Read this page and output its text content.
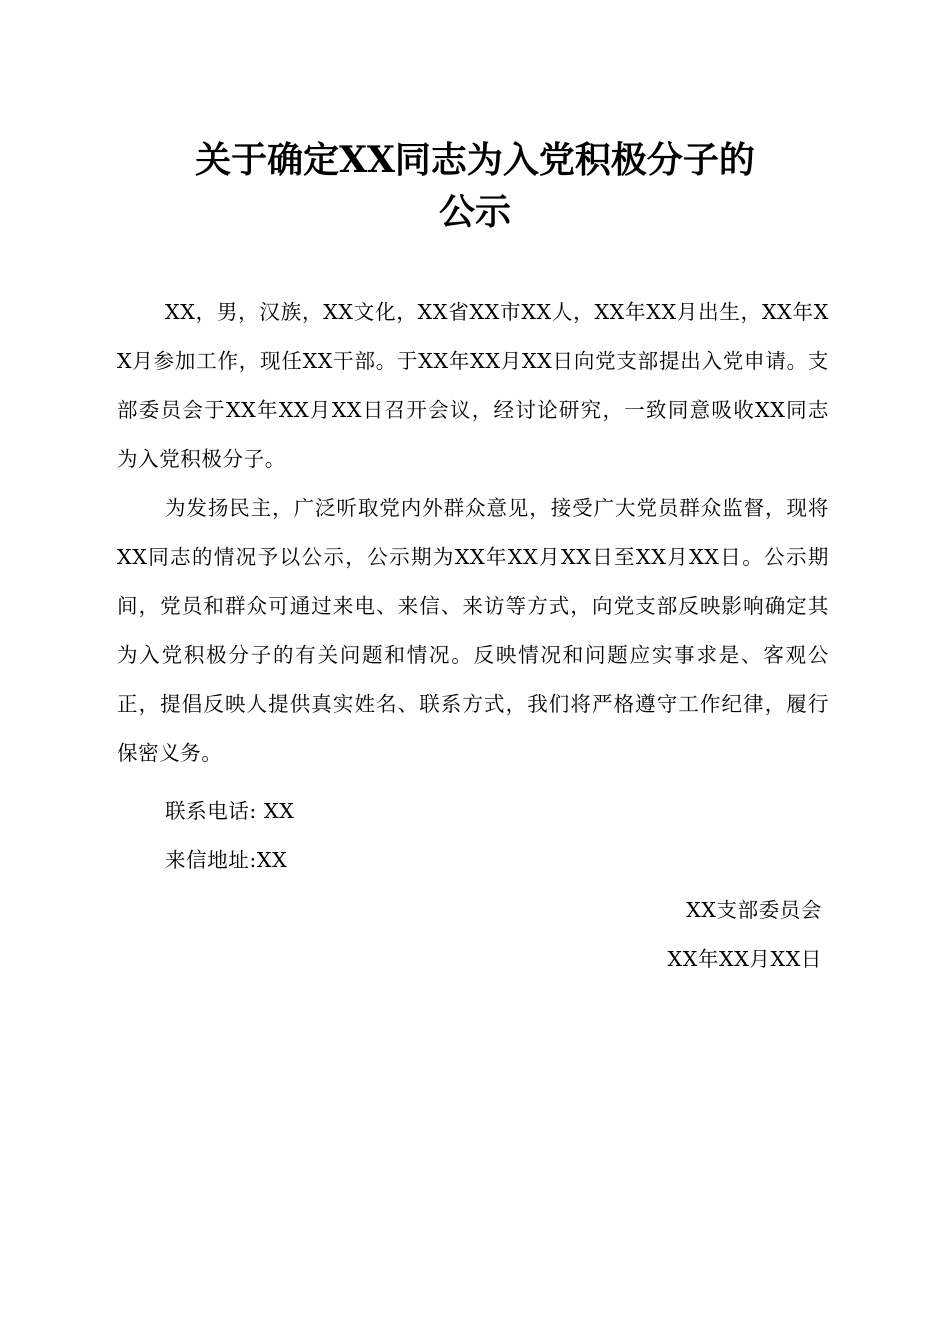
关于确定XX同志为入党积极分子的
公示

XX，男，汉族，XX文化，XX省XX市XX人，XX年XX月出生，XX年XX月参加工作，现任XX干部。于XX年XX月XX日向党支部提出入党申请。支部委员会于XX年XX月XX日召开会议，经讨论研究，一致同意吸收XX同志为入党积极分子。

为发扬民主，广泛听取党内外群众意见，接受广大党员群众监督，现将XX同志的情况予以公示，公示期为XX年XX月XX日至XX月XX日。公示期间，党员和群众可通过来电、来信、来访等方式，向党支部反映影响确定其为入党积极分子的有关问题和情况。反映情况和问题应实事求是、客观公正，提倡反映人提供真实姓名、联系方式，我们将严格遵守工作纪律，履行保密义务。

联系电话: XX

来信地址:XX

XX支部委员会

XX年XX月XX日
